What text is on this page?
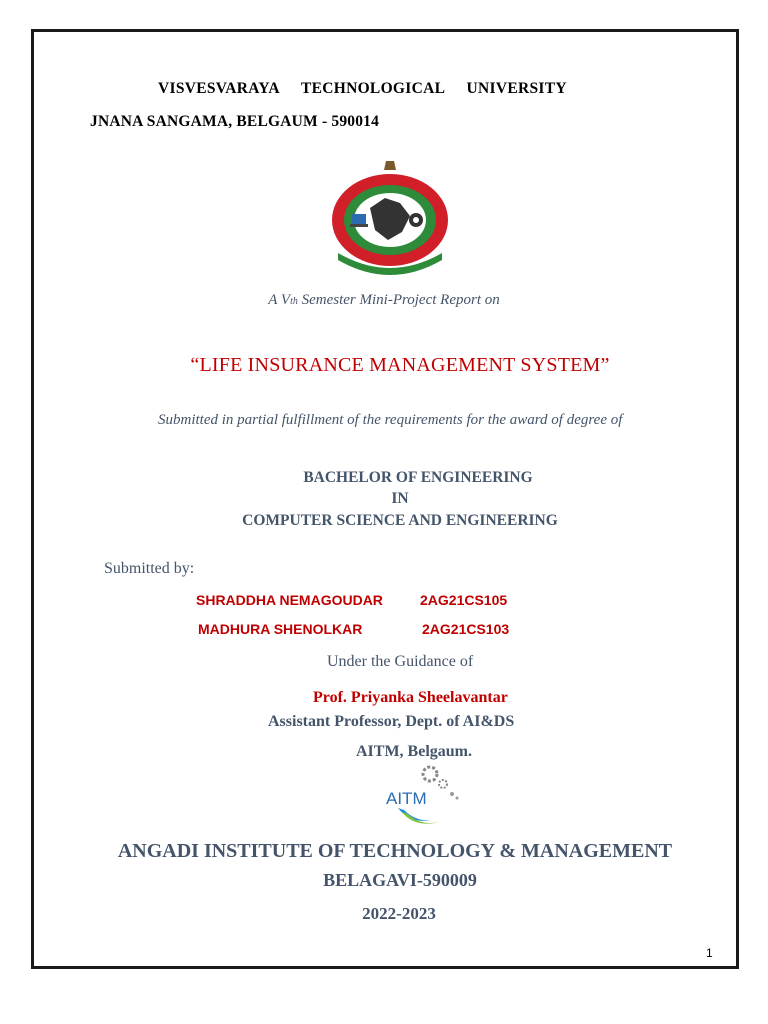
VISVESVARAYA TECHNOLOGICAL UNIVERSITY
JNANA SANGAMA, BELGAUM - 590014
A Vth Semester Mini-Project Report on
“LIFE INSURANCE MANAGEMENT SYSTEM”
Submitted in partial fulfillment of the requirements for the award of degree of
BACHELOR OF ENGINEERING
IN
COMPUTER SCIENCE AND ENGINEERING
Submitted by:
SHRADDHA NEMAGOUDAR	2AG21CS105
MADHURA SHENOLKAR	2AG21CS103
Under the Guidance of
Prof. Priyanka Sheelavantar
Assistant Professor, Dept. of AI&DS
AITM, Belgaum.
AITM
ANGADI INSTITUTE OF TECHNOLOGY & MANAGEMENT
BELAGAVI-590009
2022-2023
1
